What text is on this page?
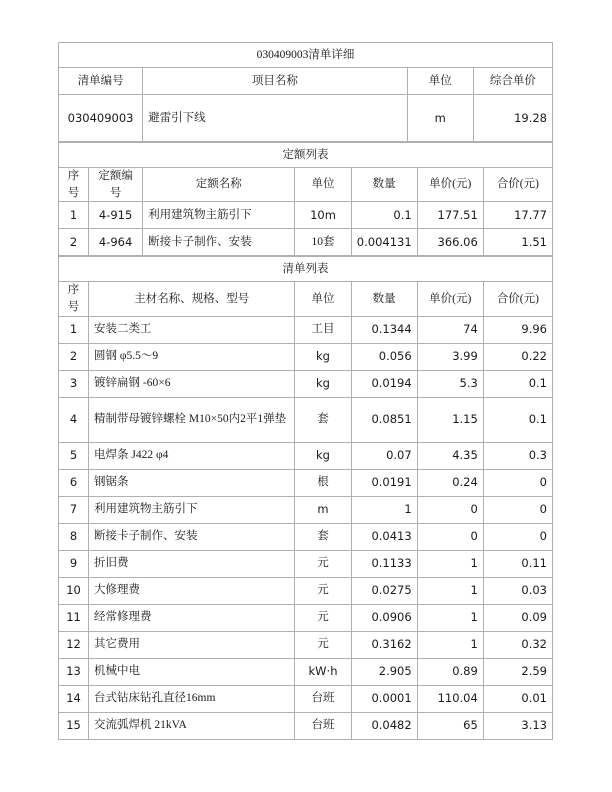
030409003清单详细			
清单编号	项目名称	单位	综合单价
030409003	避雷引下线	m	19.28
定额列表						
序号	定额编号	定额名称	单位	数量	单价(元)	合价(元)
1	4-915	利用建筑物主筋引下	10m	0.1	177.51	17.77
2	4-964	断接卡子制作、安装	10套	0.004131	366.06	1.51
清单列表					
序号	主材名称、规格、型号	单位	数量	单价(元)	合价(元)
1	安装二类工	工目	0.1344	74	9.96
2	圆钢 φ5.5～9	kg	0.056	3.99	0.22
3	镀锌扁钢 -60×6	kg	0.0194	5.3	0.1
4	精制带母镀锌螺栓 M10×50内2平1弹垫	套	0.0851	1.15	0.1
5	电焊条 J422 φ4	kg	0.07	4.35	0.3
6	钢锯条	根	0.0191	0.24	0
7	利用建筑物主筋引下	m	1	0	0
8	断接卡子制作、安装	套	0.0413	0	0
9	折旧费	元	0.1133	1	0.11
10	大修理费	元	0.0275	1	0.03
11	经常修理费	元	0.0906	1	0.09
12	其它费用	元	0.3162	1	0.32
13	机械中电	kW·h	2.905	0.89	2.59
14	台式钻床钻孔直径16mm	台班	0.0001	110.04	0.01
15	交流弧焊机 21kVA	台班	0.0482	65	3.13
